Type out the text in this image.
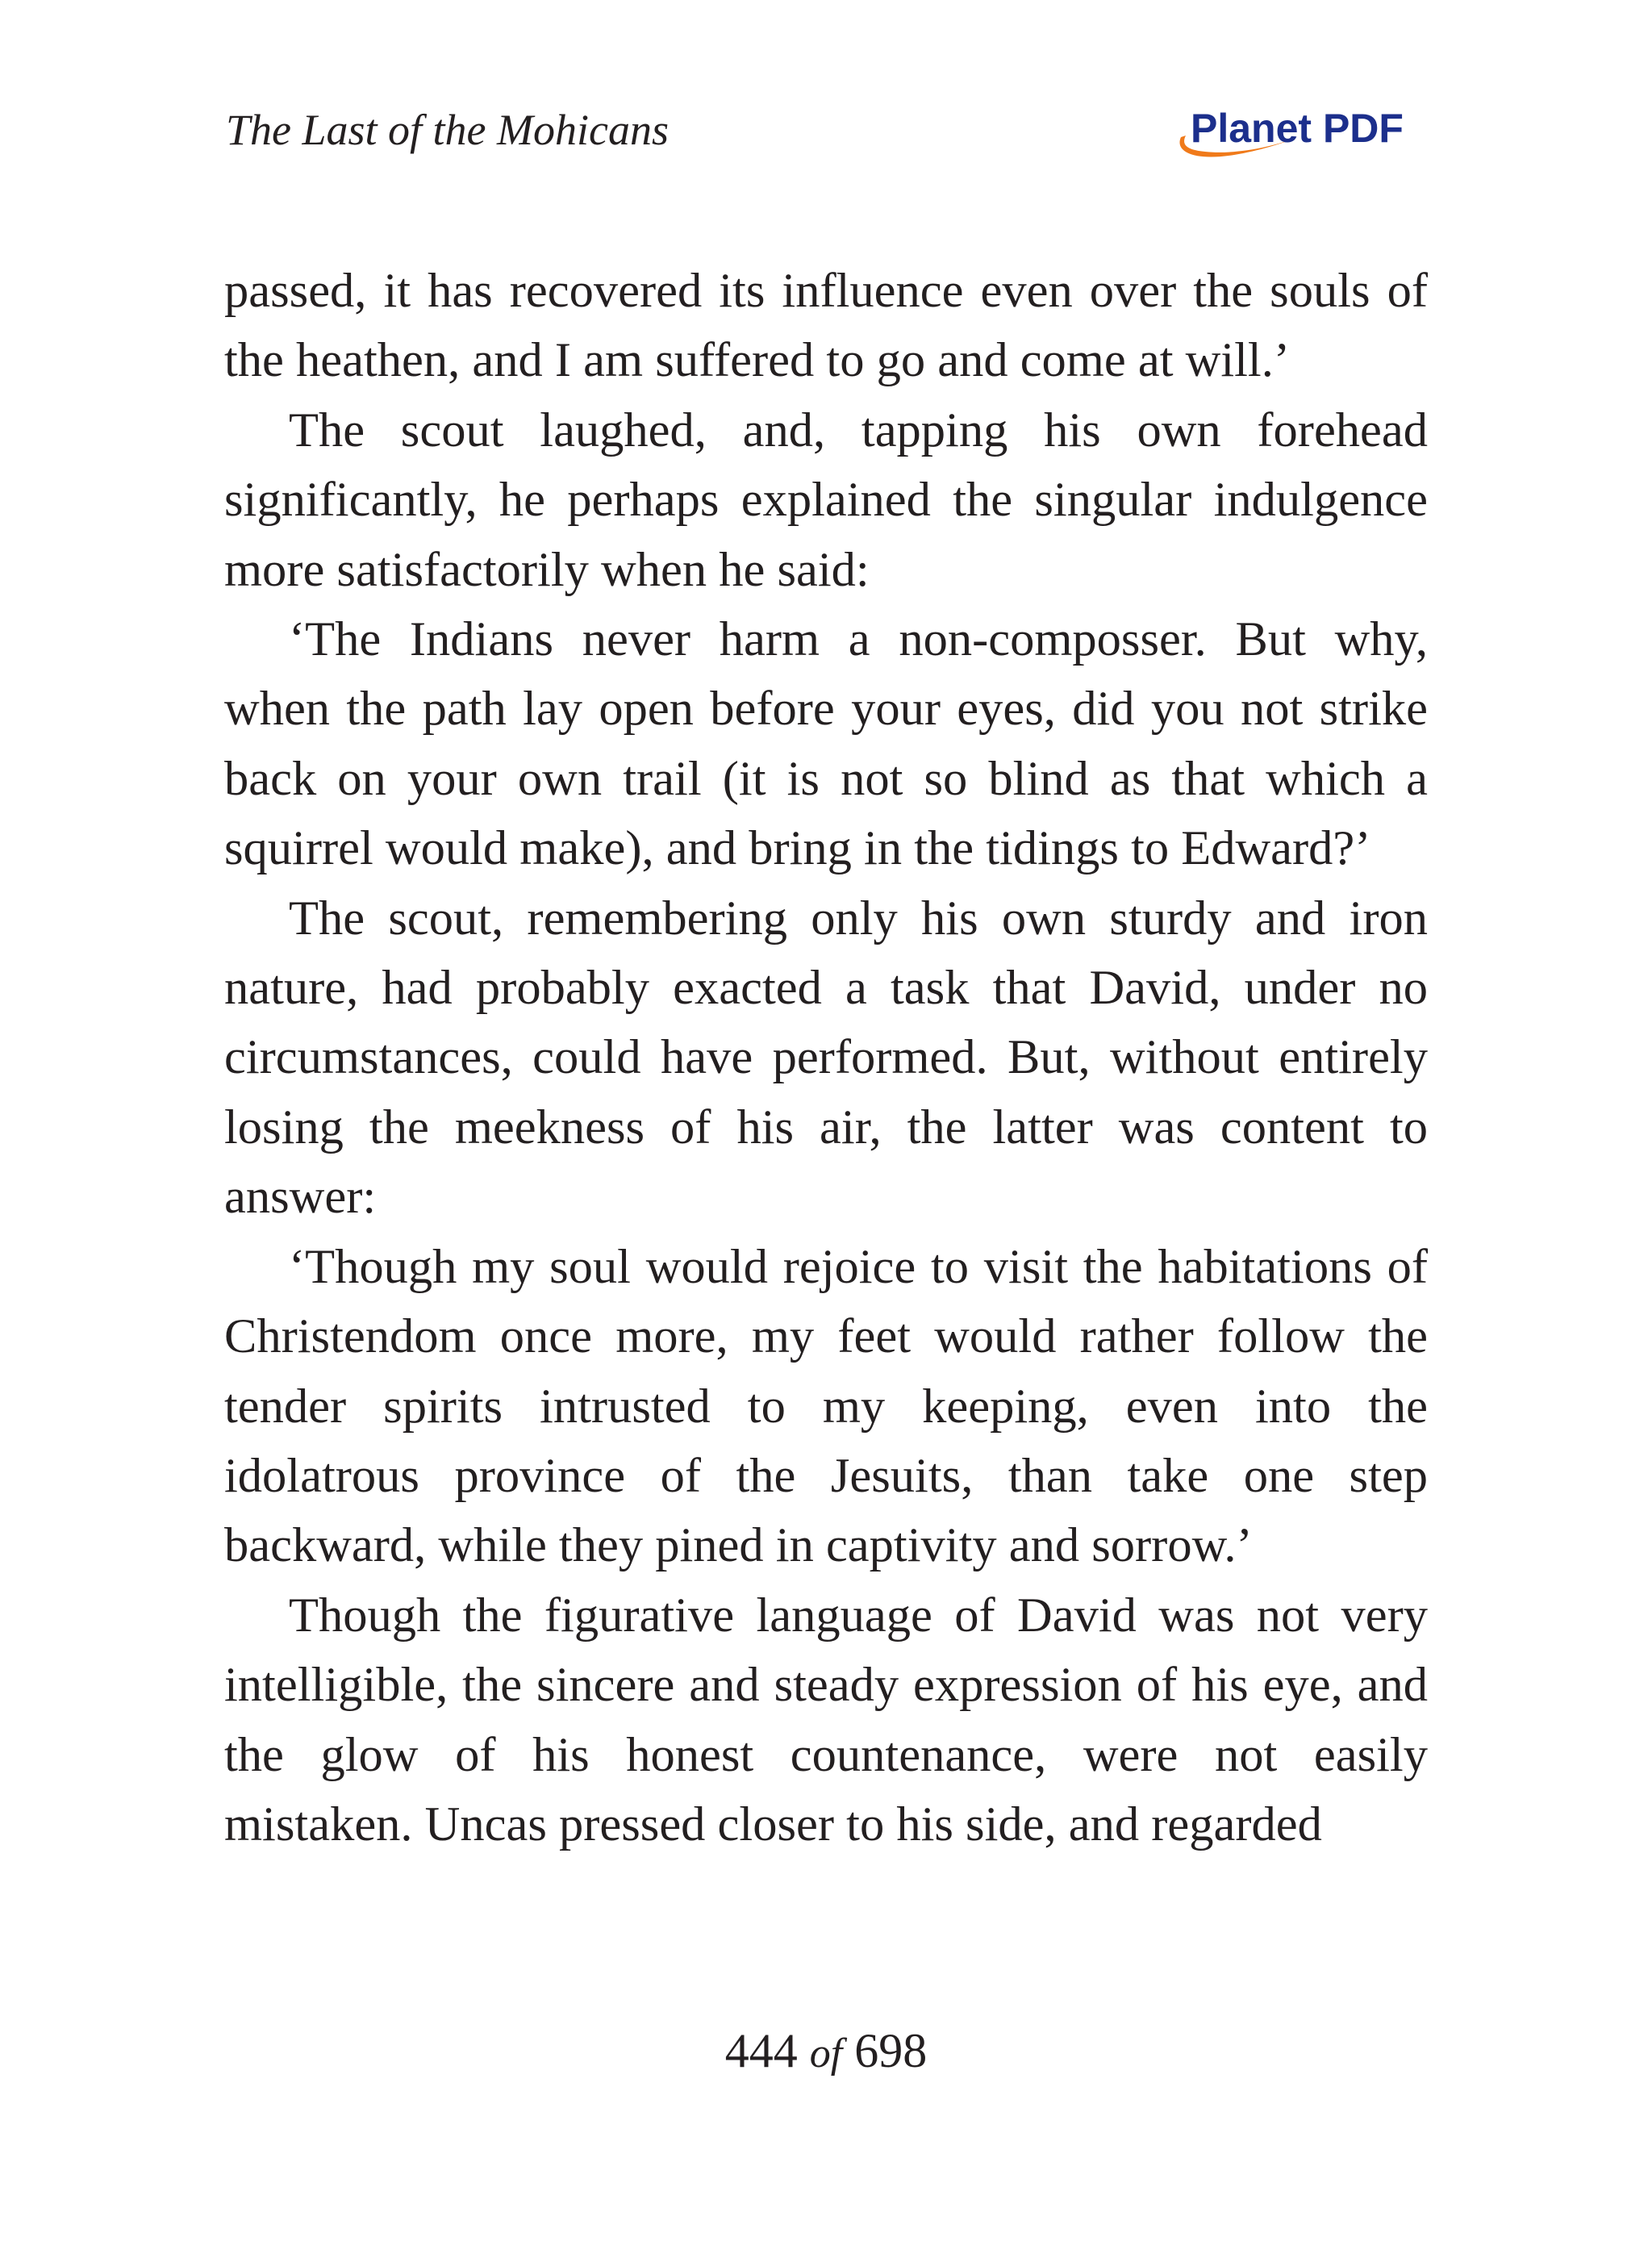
The Last of the Mohicans	Planet PDF

passed, it has recovered its influence even over the souls of the heathen, and I am suffered to go and come at will.’

The scout laughed, and, tapping his own forehead significantly, he perhaps explained the singular indulgence more satisfactorily when he said:

‘The Indians never harm a non-composser. But why, when the path lay open before your eyes, did you not strike back on your own trail (it is not so blind as that which a squirrel would make), and bring in the tidings to Edward?’

The scout, remembering only his own sturdy and iron nature, had probably exacted a task that David, under no circumstances, could have performed. But, without entirely losing the meekness of his air, the latter was content to answer:

‘Though my soul would rejoice to visit the habitations of Christendom once more, my feet would rather follow the tender spirits intrusted to my keeping, even into the idolatrous province of the Jesuits, than take one step backward, while they pined in captivity and sorrow.’

Though the figurative language of David was not very intelligible, the sincere and steady expression of his eye, and the glow of his honest countenance, were not easily mistaken. Uncas pressed closer to his side, and regarded

444 of 698
